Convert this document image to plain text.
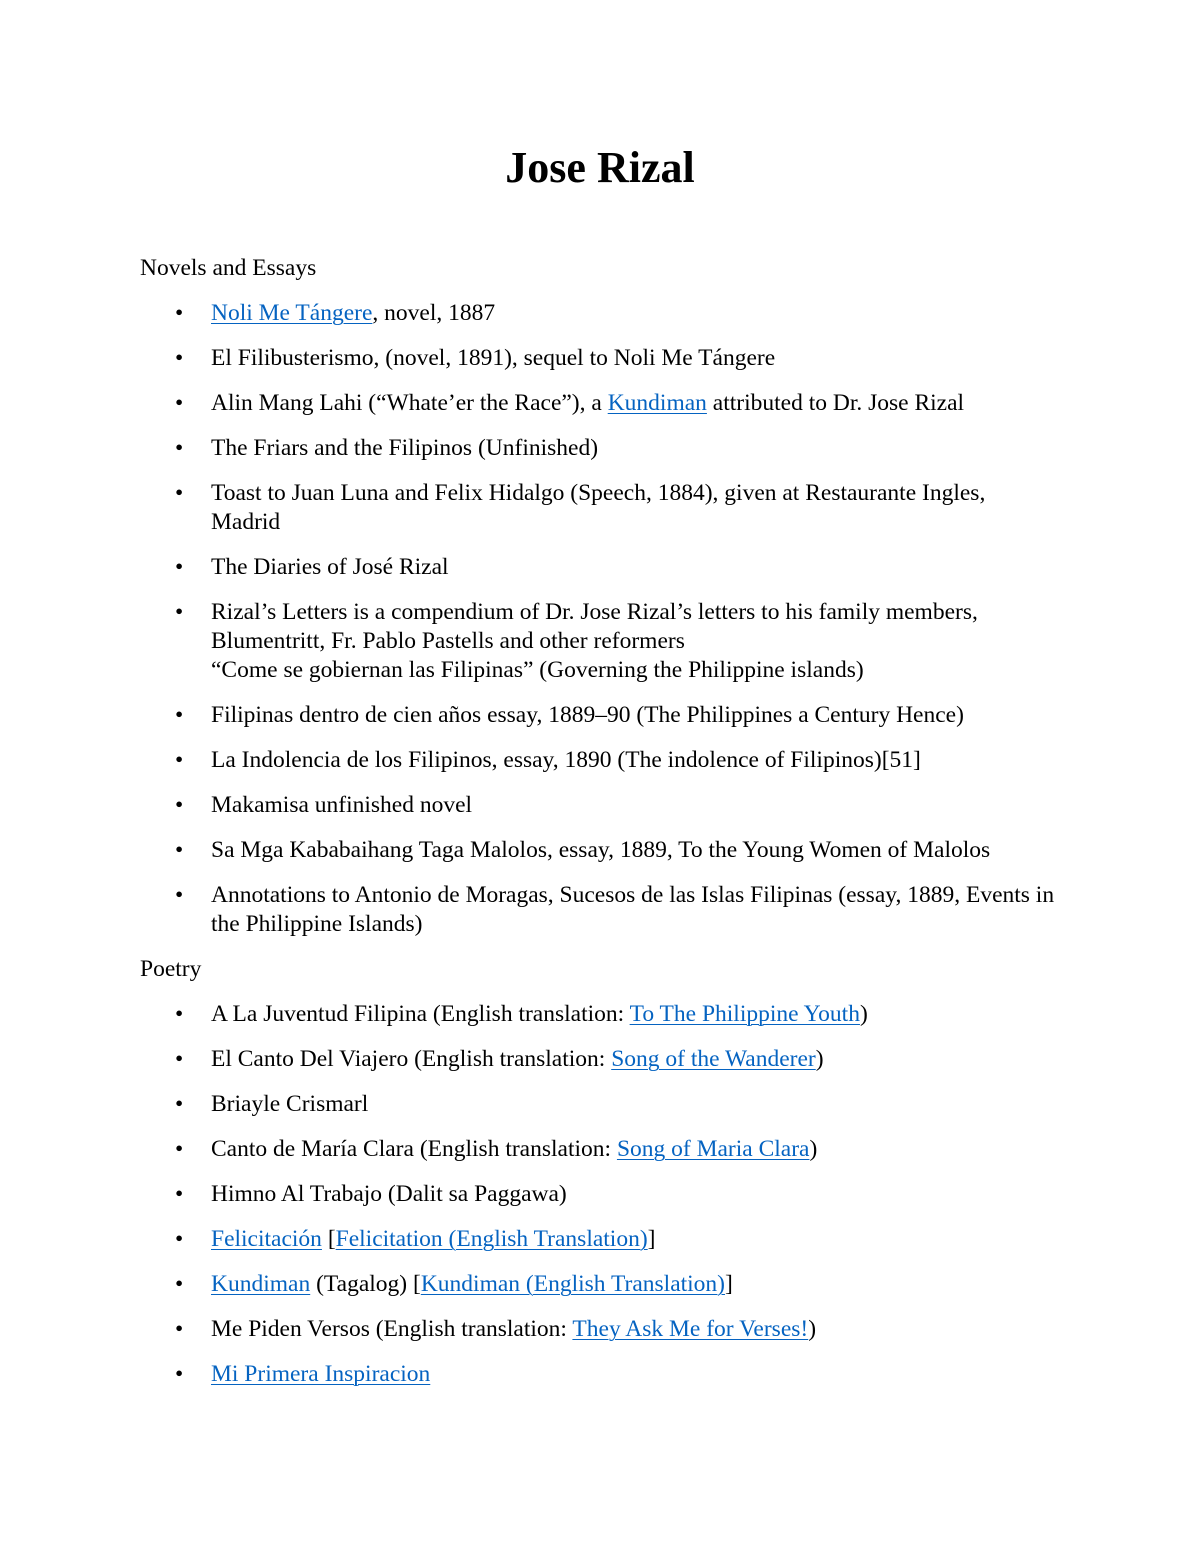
Jose Rizal

Novels and Essays

• Noli Me Tángere, novel, 1887
• El Filibusterismo, (novel, 1891), sequel to Noli Me Tángere
• Alin Mang Lahi (“Whate’er the Race”), a Kundiman attributed to Dr. Jose Rizal
• The Friars and the Filipinos (Unfinished)
• Toast to Juan Luna and Felix Hidalgo (Speech, 1884), given at Restaurante Ingles,
Madrid
• The Diaries of José Rizal
• Rizal’s Letters is a compendium of Dr. Jose Rizal’s letters to his family members,
Blumentritt, Fr. Pablo Pastells and other reformers
“Come se gobiernan las Filipinas” (Governing the Philippine islands)
• Filipinas dentro de cien años essay, 1889–90 (The Philippines a Century Hence)
• La Indolencia de los Filipinos, essay, 1890 (The indolence of Filipinos)[51]
• Makamisa unfinished novel
• Sa Mga Kababaihang Taga Malolos, essay, 1889, To the Young Women of Malolos
• Annotations to Antonio de Moragas, Sucesos de las Islas Filipinas (essay, 1889, Events in
the Philippine Islands)

Poetry

• A La Juventud Filipina (English translation: To The Philippine Youth)
• El Canto Del Viajero (English translation: Song of the Wanderer)
• Briayle Crismarl
• Canto de María Clara (English translation: Song of Maria Clara)
• Himno Al Trabajo (Dalit sa Paggawa)
• Felicitación [Felicitation (English Translation)]
• Kundiman (Tagalog) [Kundiman (English Translation)]
• Me Piden Versos (English translation: They Ask Me for Verses!)
• Mi Primera Inspiracion
